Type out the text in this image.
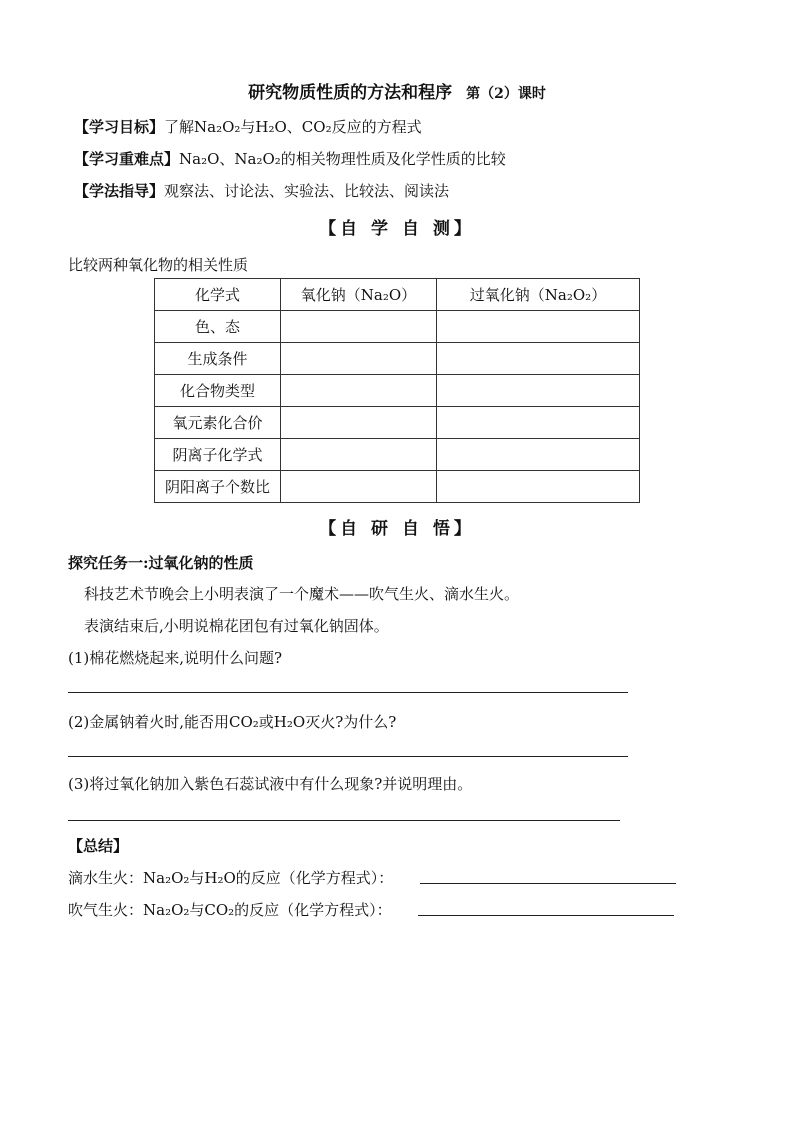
研究物质性质的方法和程序 第（2）课时
【学习目标】了解Na₂O₂与H₂O、CO₂反应的方程式
【学习重难点】Na₂O、Na₂O₂的相关物理性质及化学性质的比较
【学法指导】观察法、讨论法、实验法、比较法、阅读法
【自 学 自 测】
比较两种氧化物的相关性质
化学式	氧化钠（Na₂O）	过氧化钠（Na₂O₂）
色、态		
生成条件		
化合物类型		
氧元素化合价		
阴离子化学式		
阴阳离子个数比		
【自 研 自 悟】
探究任务一:过氧化钠的性质
科技艺术节晚会上小明表演了一个魔术——吹气生火、滴水生火。
表演结束后,小明说棉花团包有过氧化钠固体。
(1)棉花燃烧起来,说明什么问题?
(2)金属钠着火时,能否用CO₂或H₂O灭火?为什么?
(3)将过氧化钠加入紫色石蕊试液中有什么现象?并说明理由。
【总结】
滴水生火：Na₂O₂与H₂O的反应（化学方程式）：
吹气生火：Na₂O₂与CO₂的反应（化学方程式）：
